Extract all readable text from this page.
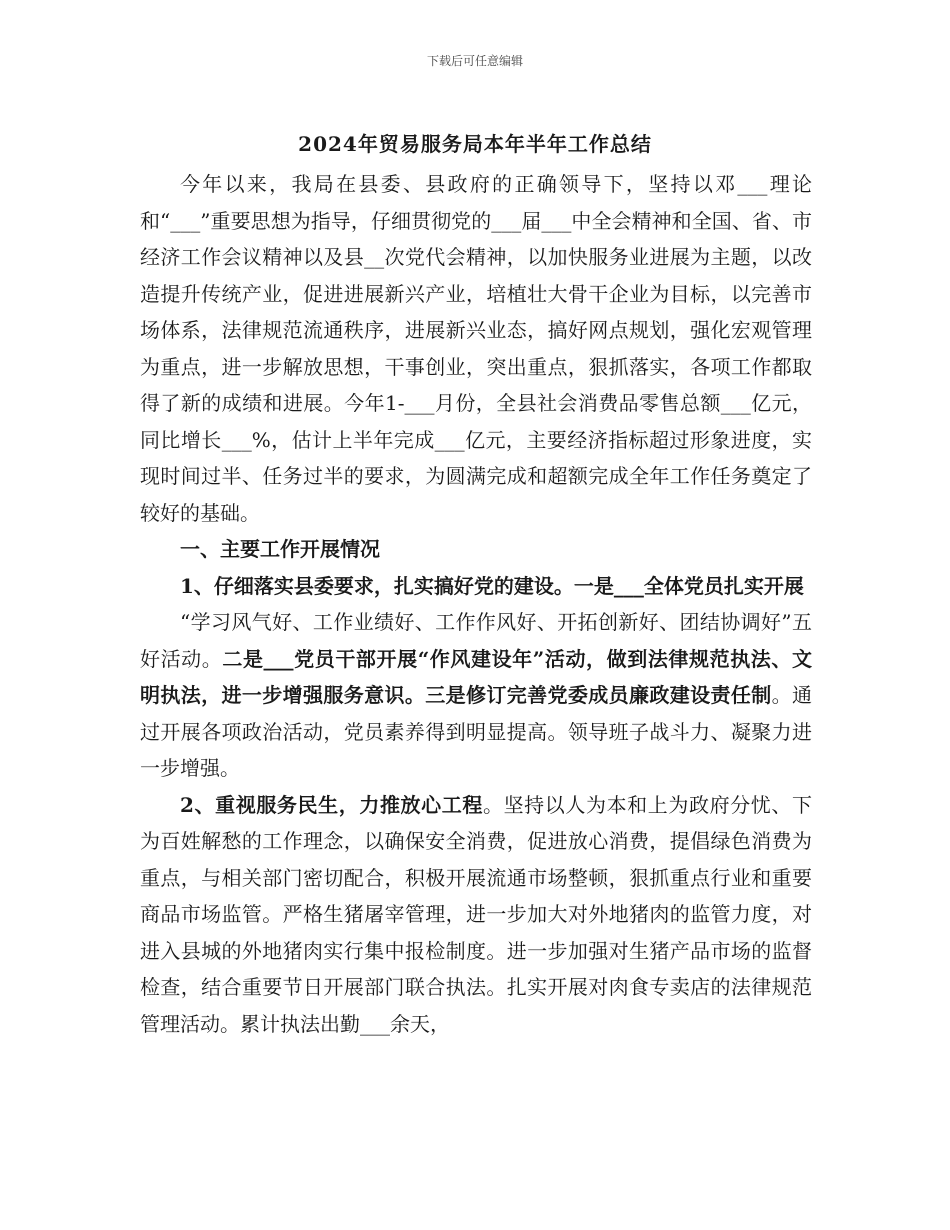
下载后可任意编辑
2024年贸易服务局本年半年工作总结

今年以来，我局在县委、县政府的正确领导下，坚持以邓___理论和“___”重要思想为指导，仔细贯彻党的___届___中全会精神和全国、省、市经济工作会议精神以及县__次党代会精神，以加快服务业进展为主题，以改造提升传统产业，促进进展新兴产业，培植壮大骨干企业为目标，以完善市场体系，法律规范流通秩序，进展新兴业态，搞好网点规划，强化宏观管理为重点，进一步解放思想，干事创业，突出重点，狠抓落实，各项工作都取得了新的成绩和进展。今年1-___月份，全县社会消费品零售总额___亿元，同比增长___%，估计上半年完成___亿元，主要经济指标超过形象进度，实现时间过半、任务过半的要求，为圆满完成和超额完成全年工作任务奠定了较好的基础。

一、主要工作开展情况

1、仔细落实县委要求，扎实搞好党的建设。一是___全体党员扎实开展

“学习风气好、工作业绩好、工作作风好、开拓创新好、团结协调好”五好活动。二是___党员干部开展“作风建设年”活动，做到法律规范执法、文明执法，进一步增强服务意识。三是修订完善党委成员廉政建设责任制。通过开展各项政治活动，党员素养得到明显提高。领导班子战斗力、凝聚力进一步增强。

2、重视服务民生，力推放心工程。坚持以人为本和上为政府分忧、下为百姓解愁的工作理念，以确保安全消费，促进放心消费，提倡绿色消费为重点，与相关部门密切配合，积极开展流通市场整顿，狠抓重点行业和重要商品市场监管。严格生猪屠宰管理，进一步加大对外地猪肉的监管力度，对进入县城的外地猪肉实行集中报检制度。进一步加强对生猪产品市场的监督检查，结合重要节日开展部门联合执法。扎实开展对肉食专卖店的法律规范管理活动。累计执法出勤___余天，
